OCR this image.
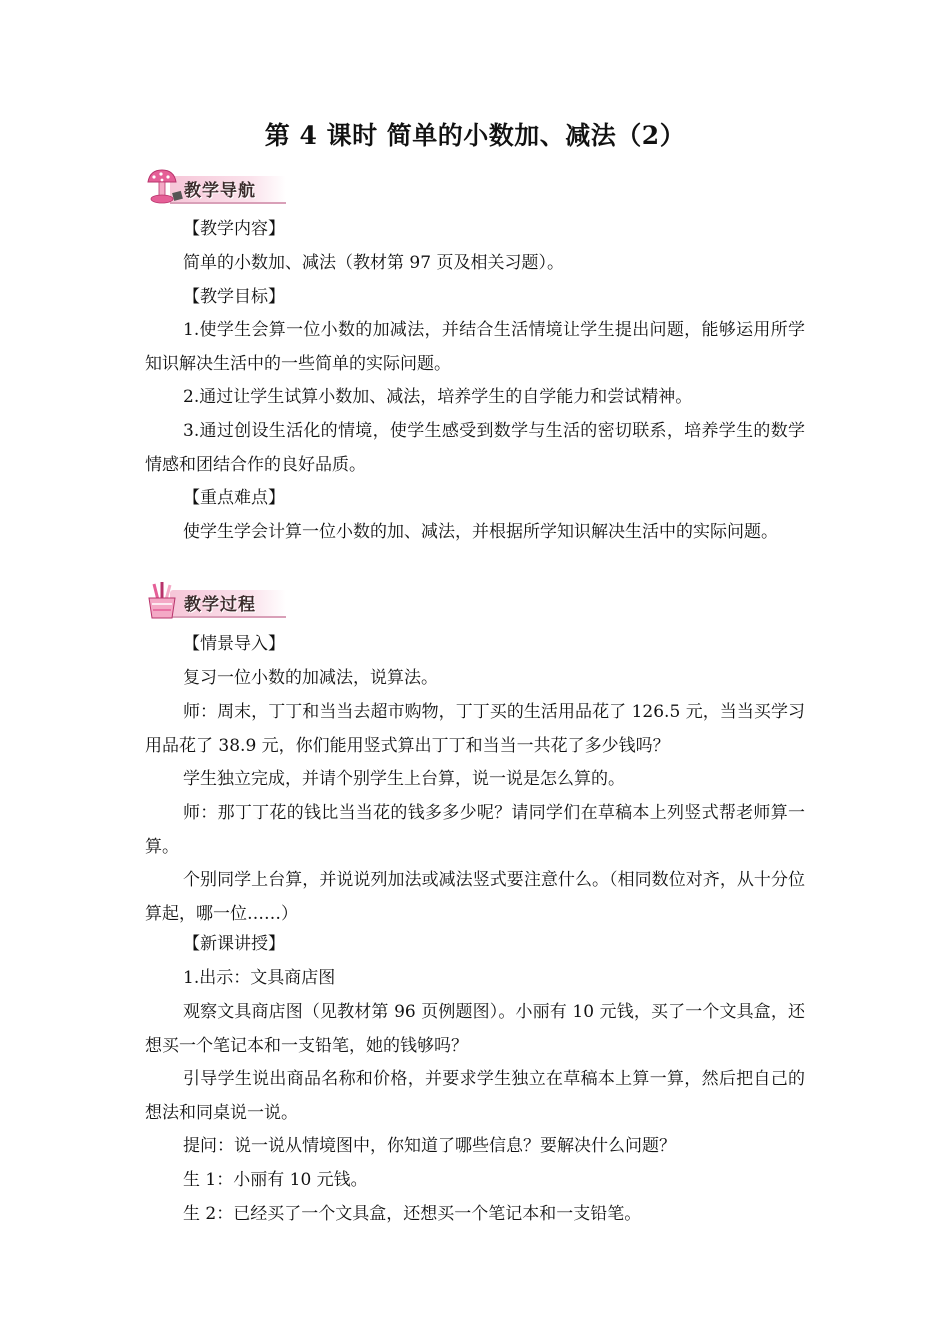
第 4 课时 简单的小数加、减法（2）
教学导航

【教学内容】

简单的小数加、减法（教材第 97 页及相关习题）。

【教学目标】

1.使学生会算一位小数的加减法，并结合生活情境让学生提出问题，能够运用所学知识解决生活中的一些简单的实际问题。

2.通过让学生试算小数加、减法，培养学生的自学能力和尝试精神。

3.通过创设生活化的情境，使学生感受到数学与生活的密切联系，培养学生的数学情感和团结合作的良好品质。

【重点难点】

使学生学会计算一位小数的加、减法，并根据所学知识解决生活中的实际问题。

教学过程

【情景导入】

复习一位小数的加减法，说算法。

师：周末，丁丁和当当去超市购物，丁丁买的生活用品花了 126.5 元，当当买学习用品花了 38.9 元，你们能用竖式算出丁丁和当当一共花了多少钱吗？

学生独立完成，并请个别学生上台算，说一说是怎么算的。

师：那丁丁花的钱比当当花的钱多多少呢？请同学们在草稿本上列竖式帮老师算一算。

个别同学上台算，并说说列加法或减法竖式要注意什么。（相同数位对齐，从十分位算起，哪一位……）

【新课讲授】

1.出示：文具商店图

观察文具商店图（见教材第 96 页例题图）。小丽有 10 元钱，买了一个文具盒，还想买一个笔记本和一支铅笔，她的钱够吗？

引导学生说出商品名称和价格，并要求学生独立在草稿本上算一算，然后把自己的想法和同桌说一说。

提问：说一说从情境图中，你知道了哪些信息？要解决什么问题？

生 1：小丽有 10 元钱。

生 2：已经买了一个文具盒，还想买一个笔记本和一支铅笔。
